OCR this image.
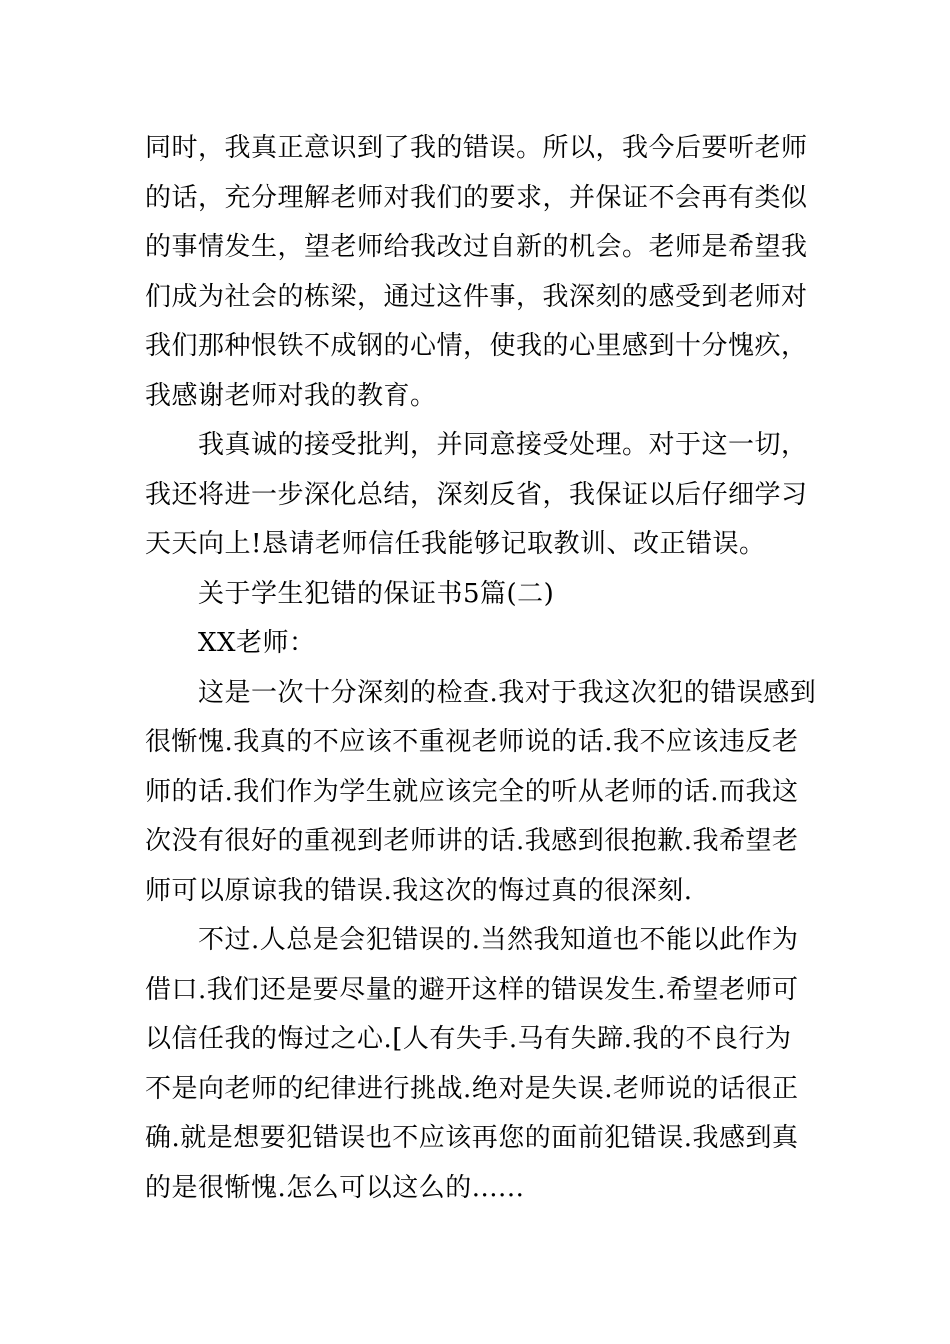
同时，我真正意识到了我的错误。所以，我今后要听老师
的话，充分理解老师对我们的要求，并保证不会再有类似
的事情发生，望老师给我改过自新的机会。老师是希望我
们成为社会的栋梁，通过这件事，我深刻的感受到老师对
我们那种恨铁不成钢的心情，使我的心里感到十分愧疚，
我感谢老师对我的教育。
我真诚的接受批判，并同意接受处理。对于这一切，
我还将进一步深化总结，深刻反省，我保证以后仔细学习
天天向上!恳请老师信任我能够记取教训、改正错误。
关于学生犯错的保证书5篇(二)
XX老师：
这是一次十分深刻的检查.我对于我这次犯的错误感到
很惭愧.我真的不应该不重视老师说的话.我不应该违反老
师的话.我们作为学生就应该完全的听从老师的话.而我这
次没有很好的重视到老师讲的话.我感到很抱歉.我希望老
师可以原谅我的错误.我这次的悔过真的很深刻.
不过.人总是会犯错误的.当然我知道也不能以此作为
借口.我们还是要尽量的避开这样的错误发生.希望老师可
以信任我的悔过之心.[人有失手.马有失蹄.我的不良行为
不是向老师的纪律进行挑战.绝对是失误.老师说的话很正
确.就是想要犯错误也不应该再您的面前犯错误.我感到真
的是很惭愧.怎么可以这么的......
